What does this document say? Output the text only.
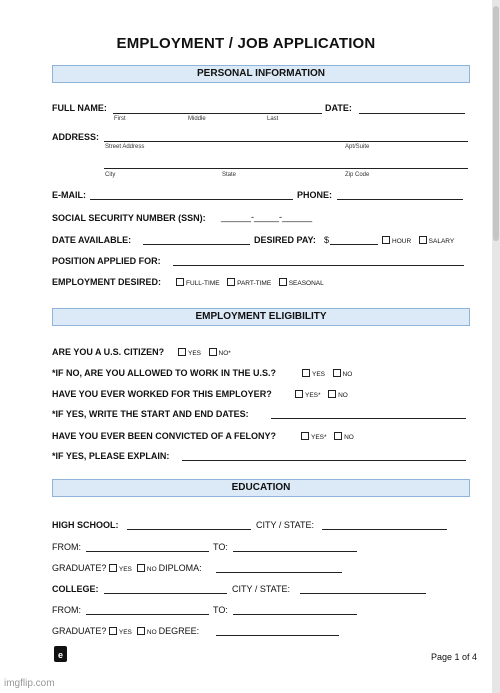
EMPLOYMENT / JOB APPLICATION
PERSONAL INFORMATION
FULL NAME:
First	Middle	Last
DATE:
ADDRESS:
Street Address	Apt/Suite
City	State	Zip Code
E-MAIL:	PHONE:
SOCIAL SECURITY NUMBER (SSN): ______-_____-______
DATE AVAILABLE:	DESIRED PAY: $	HOUR	SALARY
POSITION APPLIED FOR:
EMPLOYMENT DESIRED:	FULL-TIME	PART-TIME	SEASONAL
EMPLOYMENT ELIGIBILITY
ARE YOU A U.S. CITIZEN?	YES	NO*
*IF NO, ARE YOU ALLOWED TO WORK IN THE U.S.?	YES	NO
HAVE YOU EVER WORKED FOR THIS EMPLOYER?	YES*	NO
*IF YES, WRITE THE START AND END DATES:
HAVE YOU EVER BEEN CONVICTED OF A FELONY?	YES*	NO
*IF YES, PLEASE EXPLAIN:
EDUCATION
HIGH SCHOOL:	CITY / STATE:
FROM:	TO:
GRADUATE? YES NO DIPLOMA:
COLLEGE:	CITY / STATE:
FROM:	TO:
GRADUATE? YES NO DEGREE:
e	Page 1 of 4
imgflip.com
